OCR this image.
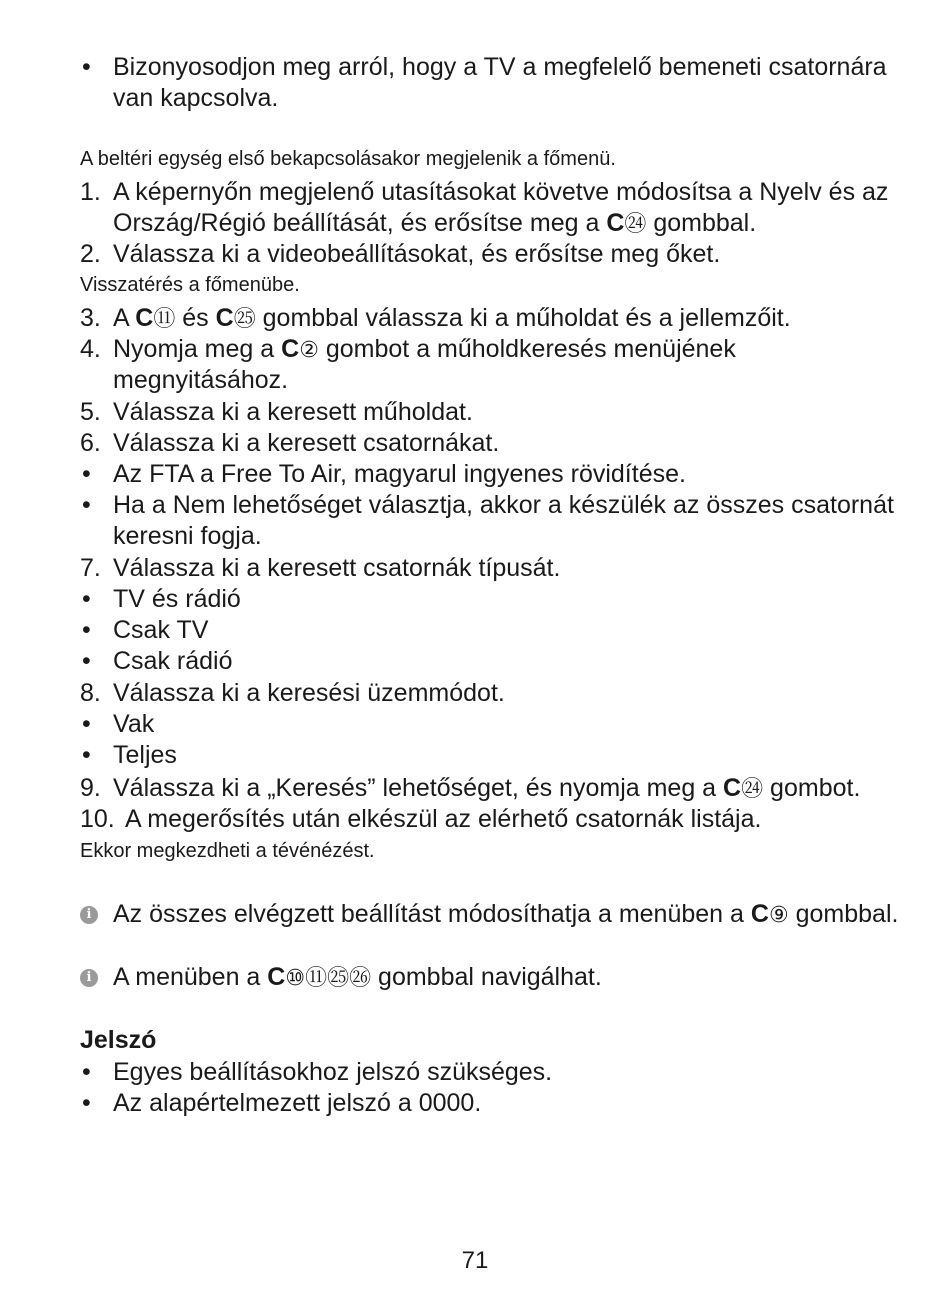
• Bizonyosodjon meg arról, hogy a TV a megfelelő bemeneti csatornára van kapcsolva.
A beltéri egység első bekapcsolásakor megjelenik a főmenü.
1. A képernyőn megjelenő utasításokat követve módosítsa a Nyelv és az Ország/Régió beállítását, és erősítse meg a C㉔ gombbal.
2. Válassza ki a videobeállításokat, és erősítse meg őket.
Visszatérés a főmenübe.
3. A C⑪ és C㉕ gombbal válassza ki a műholdat és a jellemzőit.
4. Nyomja meg a C② gombot a műholdkeresés menüjének megnyitásához.
5. Válassza ki a keresett műholdat.
6. Válassza ki a keresett csatornákat.
• Az FTA a Free To Air, magyarul ingyenes rövidítése.
• Ha a Nem lehetőséget választja, akkor a készülék az összes csatornát keresni fogja.
7. Válassza ki a keresett csatornák típusát.
• TV és rádió
• Csak TV
• Csak rádió
8. Válassza ki a keresési üzemmódot.
• Vak
• Teljes
9. Válassza ki a „Keresés” lehetőséget, és nyomja meg a C㉔ gombot.
10. A megerősítés után elkészül az elérhető csatornák listája.
Ekkor megkezdheti a tévénézést.
i Az összes elvégzett beállítást módosíthatja a menüben a C⑨ gombbal.
i A menüben a C⑩⑪㉕㉖ gombbal navigálhat.
Jelszó
• Egyes beállításokhoz jelszó szükséges.
• Az alapértelmezett jelszó a 0000.
71
